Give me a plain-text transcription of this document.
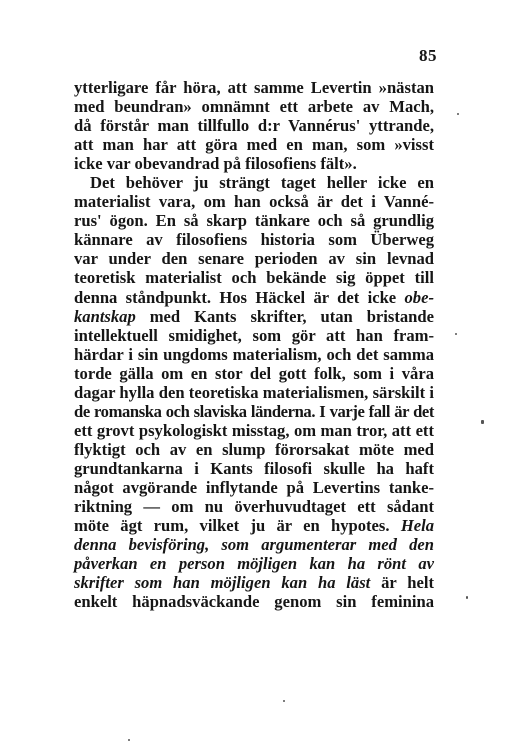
85
ytterligare får höra, att samme Levertin »nästan
med beundran» omnämnt ett arbete av Mach,
då förstår man tillfullo d:r Vannérus' yttrande,
att man har att göra med en man, som »visst
icke var obevandrad på filosofiens fält».
Det behöver ju strängt taget heller icke en
materialist vara, om han också är det i Vanné-
rus' ögon. En så skarp tänkare och så grundlig
kännare av filosofiens historia som Überweg
var under den senare perioden av sin levnad
teoretisk materialist och bekände sig öppet till
denna ståndpunkt. Hos Häckel är det icke obe-
kantskap med Kants skrifter, utan bristande
intellektuell smidighet, som gör att han fram-
härdar i sin ungdoms materialism, och det samma
torde gälla om en stor del gott folk, som i våra
dagar hylla den teoretiska materialismen, särskilt i
de romanska och slaviska länderna. I varje fall är det
ett grovt psykologiskt misstag, om man tror, att ett
flyktigt och av en slump förorsakat möte med
grundtankarna i Kants filosofi skulle ha haft
något avgörande inflytande på Levertins tanke-
riktning — om nu överhuvudtaget ett sådant
möte ägt rum, vilket ju är en hypotes. Hela
denna bevisföring, som argumenterar med den
påverkan en person möjligen kan ha rönt av
skrifter som han möjligen kan ha läst är helt
enkelt häpnadsväckande genom sin feminina
